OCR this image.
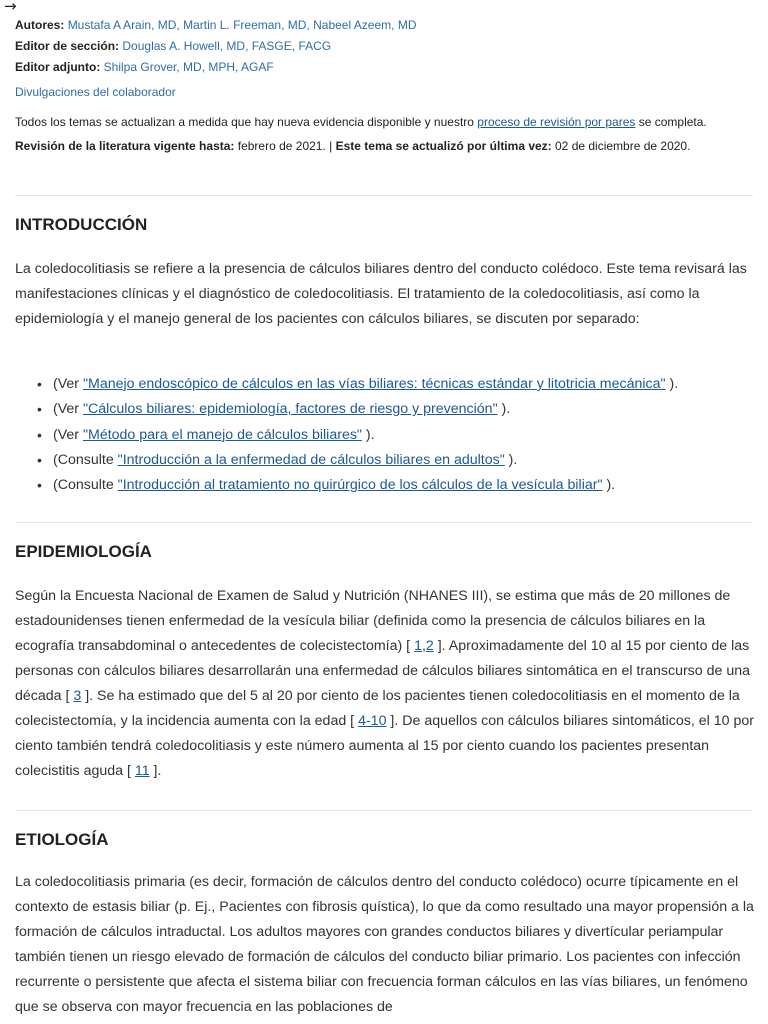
→
Autores: Mustafa A Arain, MD, Martin L. Freeman, MD, Nabeel Azeem, MD
Editor de sección: Douglas A. Howell, MD, FASGE, FACG
Editor adjunto: Shilpa Grover, MD, MPH, AGAF
Divulgaciones del colaborador
Todos los temas se actualizan a medida que hay nueva evidencia disponible y nuestro proceso de revisión por pares se completa.
Revisión de la literatura vigente hasta: febrero de 2021. | Este tema se actualizó por última vez: 02 de diciembre de 2020.
INTRODUCCIÓN
La coledocolitiasis se refiere a la presencia de cálculos biliares dentro del conducto colédoco. Este tema revisará las manifestaciones clínicas y el diagnóstico de coledocolitiasis. El tratamiento de la coledocolitiasis, así como la epidemiología y el manejo general de los pacientes con cálculos biliares, se discuten por separado:
• (Ver "Manejo endoscópico de cálculos en las vías biliares: técnicas estándar y litotricia mecánica" ).
• (Ver "Cálculos biliares: epidemiología, factores de riesgo y prevención" ).
• (Ver "Método para el manejo de cálculos biliares" ).
• (Consulte "Introducción a la enfermedad de cálculos biliares en adultos" ).
• (Consulte "Introducción al tratamiento no quirúrgico de los cálculos de la vesícula biliar" ).
EPIDEMIOLOGÍA
Según la Encuesta Nacional de Examen de Salud y Nutrición (NHANES III), se estima que más de 20 millones de estadounidenses tienen enfermedad de la vesícula biliar (definida como la presencia de cálculos biliares en la ecografía transabdominal o antecedentes de colecistectomía) [ 1,2 ]. Aproximadamente del 10 al 15 por ciento de las personas con cálculos biliares desarrollarán una enfermedad de cálculos biliares sintomática en el transcurso de una década [ 3 ]. Se ha estimado que del 5 al 20 por ciento de los pacientes tienen coledocolitiasis en el momento de la colecistectomía, y la incidencia aumenta con la edad [ 4-10 ]. De aquellos con cálculos biliares sintomáticos, el 10 por ciento también tendrá coledocolitiasis y este número aumenta al 15 por ciento cuando los pacientes presentan colecistitis aguda [ 11 ].
ETIOLOGÍA
La coledocolitiasis primaria (es decir, formación de cálculos dentro del conducto colédoco) ocurre típicamente en el contexto de estasis biliar (p. Ej., Pacientes con fibrosis quística), lo que da como resultado una mayor propensión a la formación de cálculos intraductal. Los adultos mayores con grandes conductos biliares y divertícular periampular también tienen un riesgo elevado de formación de cálculos del conducto biliar primario. Los pacientes con infección recurrente o persistente que afecta el sistema biliar con frecuencia forman cálculos en las vías biliares, un fenómeno que se observa con mayor frecuencia en las poblaciones de
